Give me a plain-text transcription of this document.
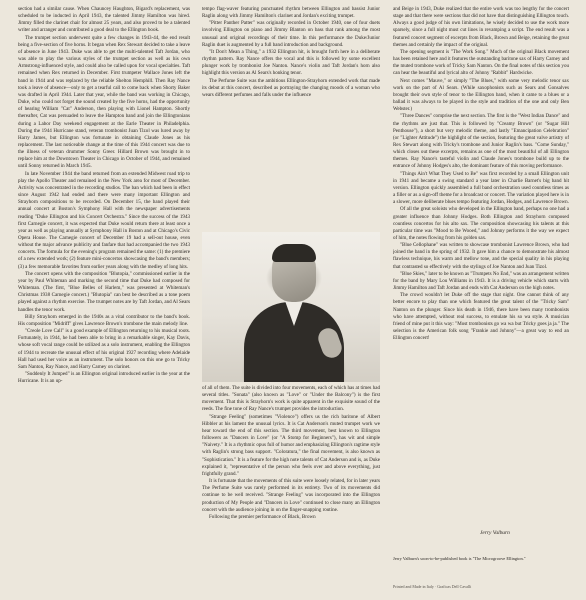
section had a similar cause. When Chauncey Haughton, Bigard's replacement, was scheduled to be inducted in April 1943, the talented Jimmy Hamilton was hired. Jimmy filled the clarinet chair for almost 25 years, and also proved to be a talented writer and arranger and contributed a good deal to the Ellington book.

The trumpet section underwent quite a few changes in 1943-44, the end result being a five-section of five horns. It began when Rex Stewart decided to take a leave of absence in June 1943. Duke was able to get the multi-talented Taft Jordan, who was able to play the various styles of the trumpet section as well as his own Armstrong-influenced style, and could also be called upon for vocal specialties. Taft remained when Rex returned in December. First trumpeter Wallace Jones left the band in 1944 and was replaced by the reliable Shelton Hemphill. Then Ray Nance took a leave of absence—only to get a tearful call to come back when Shorty Baker was drafted in April 1944. Later that year, while the band was working in Chicago, Duke, who could not forget the sound created by the five horns, had the opportunity of hearing William "Cat" Anderson, then playing with Lionel Hampton. Shortly thereafter, Cat was persuaded to leave the Hampton band and join the Ellingtonians during a Labor Day weekend engagement at the Earle Theater in Philadelphia. During the 1944 Hurricane stand, veteran trombonist Juan Tizol was lured away by Harry James, but Ellington was fortunate in obtaining Claude Jones as his replacement. The last noticeable change at the time of this 1944 concert was due to the illness of veteran drummer Sonny Greer. Hillard Brown was brought in to replace him at the Downtown Theater in Chicago in October of 1944, and remained until Sonny returned in March 1945.

In late November 1944 the band returned from an extended Midwest road trip to play the Apollo Theater and remained in the New York area for most of December. Activity was concentrated in the recording studios. The ban which had been in effect since August 1942 had ended and there were many important Ellington and Strayhorn compositions to be recorded. On December 15, the band played their annual concert at Boston's Symphony Hall with the newspaper advertisements reading "Duke Ellington and his Concert Orchestra." Since the success of the 1943 first Carnegie concert, it was expected that Duke would return there at least once a year as well as playing annually at Symphony Hall in Boston and at Chicago's Civic Opera House. The Carnegie concert of December 19 had a sell-out house, even without the major advance publicity and fanfare that had accompanied the two 1943 concerts. The formula for the evening's program remained the same: (1) the premiere of a new extended work; (2) feature mini-concertos showcasing the band's members; (3) a few memorable favorites from earlier years along with the medley of long hits.

The concert opens with the composition "Blutopia," commissioned earlier in the year by Paul Whiteman and marking the second time that Duke had composed for Whiteman. (The first, "Blue Belles of Harlem," was presented at Whiteman's Christmas 1938 Carnegie concert.) "Blutopia" can best be described as a tone poem played against a rhythm exercise. The trumpet notes are by Taft Jordan, and Al Sears handles the tenor work.

Billy Strayhorn emerged in the 1940s as a vital contributor to the band's book. His composition "Midriff" gives Lawrence Brown's trombone the main melody line.

"Creole Love Call" is a good example of Ellington returning to his musical roots. Fortunately, in 1944, he had been able to bring in a remarkable singer, Kay Davis, whose soft vocal range could be utilized as a solo instrument, enabling the Ellington of 1944 to recreate the unusual effect of his original 1927 recording where Adelaide Hall had used her voice as an instrument. The solo honors on this one go to Tricky Sam Nanton, Ray Nance, and Harry Carney on clarinet.

"Suddenly It Jumped" is an Ellington original introduced earlier in the year at the Hurricane. It is an up-

tempo flag-waver featuring punctuated rhythm between Ellington and bassist Junior Raglin along with Jimmy Hamilton's clarinet and Jordan's exciting trumpet.

"Pitter Panther Patter" was originally recorded in October 1940, one of four duets involving Ellington on piano and Jimmy Blanton on bass that rank among the most unusual and original recordings of their time. In this performance the Duke/Junior Raglin duet is augmented by a full band introduction and background.

"It Don't Mean a Thing," a 1932 Ellington hit, is brought forth here in a deliberate rhythm pattern. Ray Nance offers the vocal and this is followed by some excellent plunger work by trombonist Joe Nanton. Nance's violin and Taft Jordan's horn also highlight this version as Al Sears's honking tenor.

The Perfume Suite was the ambitious Ellington-Strayhorn extended work that made its debut at this concert, described as portraying the changing moods of a woman who wears different perfumes and falls under the influence

of all of them. The suite is divided into four movements, each of which has at times had several titles. "Sonata" (also known as "Love" or "Under the Balcony") is the first movement. That this is Strayhorn's work is quite apparent in the exquisite sound of the reeds. The fine tone of Ray Nance's trumpet provides the introduction.

"Strange Feeling" (sometimes "Violence") offers us the rich baritone of Albert Hibbler at his lament the unusual lyrics. It is Cat Anderson's muted trumpet work we hear toward the end of this section. The third movement, best known to Ellington followers as "Dancers in Love" (or "A Stomp for Beginners"), has wit and simple "Naivety." It is a rhythmic opus full of humor and emphasizing Ellington's ragtime style with Raglin's strong bass support. "Coloratura," the final movement, is also known as "Sophistication." It is a feature for the high note talents of Cat Anderson and is, as Duke explained it, "representative of the person who feels over and above everything, just frightfully grand."

It is fortunate that the movements of this suite were loosely related, for in later years The Perfume Suite was rarely performed in its entirety. Two of its movements did continue to be well received. "Strange Feeling" was incorporated into the Ellington production of My People and "Dancers in Love" continued to close many an Ellington concert with the audience joining in on the finger-snapping routine.

Following the premier performance of Black, Brown

and Beige in 1943, Duke realized that the entire work was too lengthy for the concert stage and that there were sections that did not have that distinguishing Ellington touch. Always a good judge of his own limitations, he wisely decided to use the work more sparsely, since a full night must cut lines in revamping a script. The end result was a featured concert segment of excerpts from Black, Brown and Beige, retaining the great themes and certainly the impact of the original.

The opening segment is "The Work Song." Much of the original Black movement has been retained here and it features the outstanding baritone sax of Harry Carney and the muted trombone work of Tricky Sam Nanton. On the final notes of this section you can hear the beautiful and lyrical alto of Johnny "Rabbit" Hardwicke.

Next comes "Mauve," or simply "The Blues," with some very melodic tenor sax work on the part of Al Sears. (While saxophonists such as Sears and Gonsalves brought their own style of tenor to the Ellington band, when it came to a blues or a ballad it was always to be played in the style and tradition of the one and only Ben Webster.)

"Three Dances" comprise the next section. The first is the "West Indian Dance" and the rhythms are just that. This is followed by "Creamy Brown" (or "Sugar Hill Penthouse"), a short but very melodic theme, and lastly "Emancipation Celebration" (or "Lighter Attitude") the highlight of the section, featuring the great valve artistry of Rex Stewart along with Tricky's trombone and Junior Raglin's bass. "Come Sunday," which closes out these excerpts, remains as one of the most beautiful of all Ellington themes. Ray Nance's tasteful violin and Claude Jones's trombone build up to the entrance of Johnny Hodges's alto, the dominant feature of this moving performance.

"Things Ain't What They Used to Be" was first recorded by a small Ellington unit in 1941 and became a swing standard a year later in Charlie Barnet's big band hit version. Ellington quickly assembled a full band orchestration used countless times as a filler or as a sign-off theme for a broadcast or concert. The variation played here is in a slower, more deliberate blues tempo featuring Jordan, Hodges, and Lawrence Brown.

Of all the great soloists who developed in the Ellington band, perhaps no one had a greater influence than Johnny Hodges. Both Ellington and Strayhorn composed countless concertos for his alto sax. The composition showcasing his talents at this particular time was "Mood to Be Wooed," and Johnny performs it the way we expect of him, the notes flowing from his golden sax.

"Blue Cellophane" was written to showcase trombonist Lawrence Brown, who had joined the band in the spring of 1932. It gave him a chance to demonstrate his almost flawless technique, his warm and mellow tone, and the special quality in his playing that contrasted so effectively with the stylings of Joe Nanton and Juan Tizol.

"Blue Skies," later to be known as "Trumpets No End," was an arrangement written for the band by Mary Lou Williams in 1943. It is a driving vehicle which starts with Jimmy Hamilton and Taft Jordan and ends with Cat Anderson on the high notes.

The crowd wouldn't let Duke off the stage that night. One cannot think of any better encore to play than one which featured the great talent of the "Tricky Sam" Nanton on the plunger. Since his death in 1946, there have been many trombonists who have attempted, without real success, to emulate his so wa style. A musician friend of mine put it this way: "Most trombonists go wa wa but Tricky goes ja ja." The selection is the American folk song "Frankie and Johnny"—a great way to end an Ellington concert!

Jerry Valburn
Jerry Valburn's soon-to-be-published book is "The Microgroove Ellington."
Printed and Made in Italy · Graficas Dell Cavalli
